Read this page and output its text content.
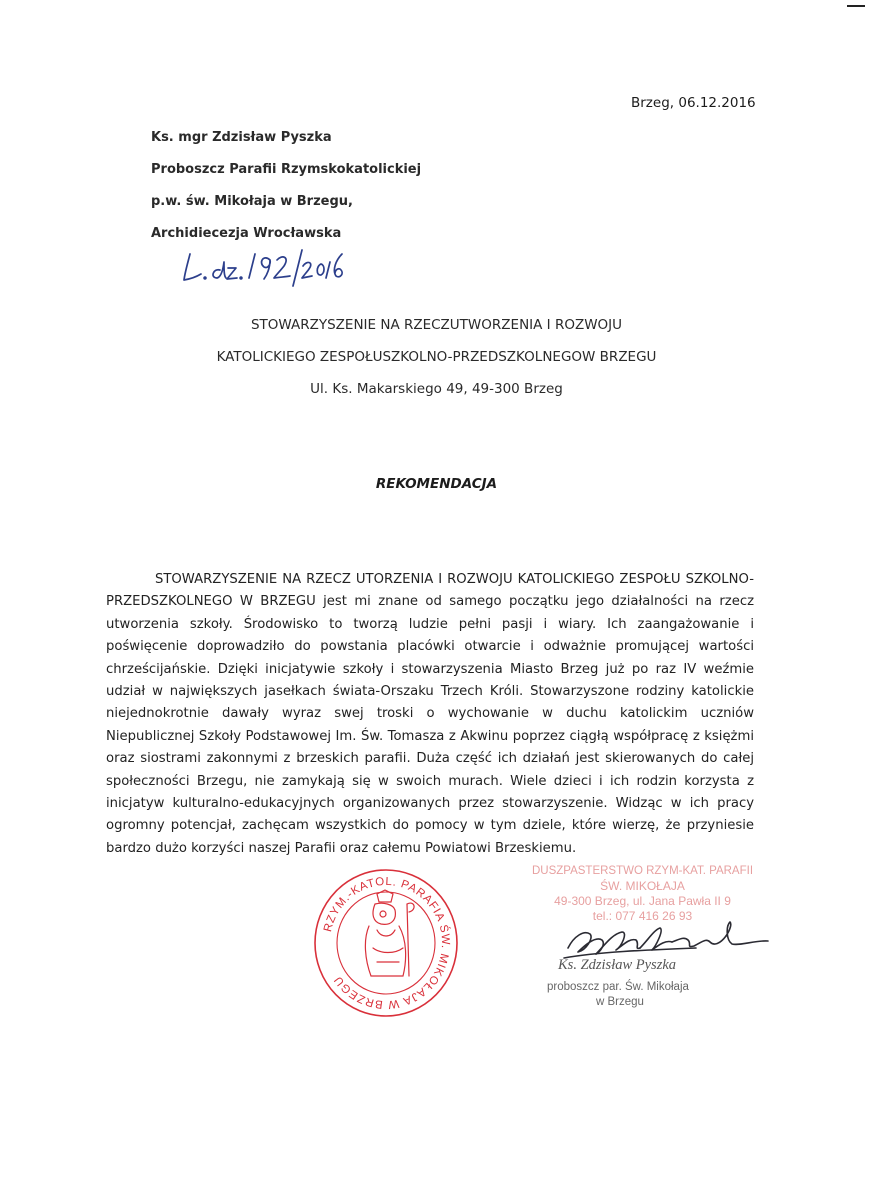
Brzeg, 06.12.2016
Ks. mgr Zdzisław Pyszka
Proboszcz Parafii Rzymskokatolickiej
p.w. św. Mikołaja w Brzegu,
Archidiecezja Wrocławska
STOWARZYSZENIE NA RZECZUTWORZENIA I ROZWOJU
KATOLICKIEGO ZESPOŁUSZKOLNO-PRZEDSZKOLNEGOW BRZEGU
Ul. Ks. Makarskiego 49, 49-300 Brzeg
REKOMENDACJA

STOWARZYSZENIE NA RZECZ UTORZENIA I ROZWOJU KATOLICKIEGO ZESPOŁU SZKOLNO-PRZEDSZKOLNEGO W BRZEGU jest mi znane od samego początku jego działalności na rzecz utworzenia szkoły. Środowisko to tworzą ludzie pełni pasji i wiary. Ich zaangażowanie i poświęcenie doprowadziło do powstania placówki otwarcie i odważnie promującej wartości chrześcijańskie. Dzięki inicjatywie szkoły i stowarzyszenia Miasto Brzeg już po raz IV weźmie udział w największych jasełkach świata-Orszaku Trzech Króli. Stowarzyszone rodziny katolickie niejednokrotnie dawały wyraz swej troski o wychowanie w duchu katolickim uczniów Niepublicznej Szkoły Podstawowej Im. Św. Tomasza z Akwinu poprzez ciągłą współpracę z księżmi oraz siostrami zakonnymi z brzeskich parafii. Duża część ich działań jest skierowanych do całej społeczności Brzegu, nie zamykają się w swoich murach. Wiele dzieci i ich rodzin korzysta z inicjatyw kulturalno-edukacyjnych organizowanych przez stowarzyszenie. Widząc w ich pracy ogromny potencjał, zachęcam wszystkich do pomocy w tym dziele, które wierzę, że przyniesie bardzo dużo korzyści naszej Parafii oraz całemu Powiatowi Brzeskiemu.

RZYM.-KATOL. PARAFIA ŚW. MIKOŁAJA W BRZEGU
DUSZPASTERSTWO RZYM-KAT. PARAFII
ŚW. MIKOŁAJA
49-300 Brzeg, ul. Jana Pawła II 9
tel.: 077 416 26 93
Ks. Zdzisław Pyszka
proboszcz par. Św. Mikołaja
w Brzegu
